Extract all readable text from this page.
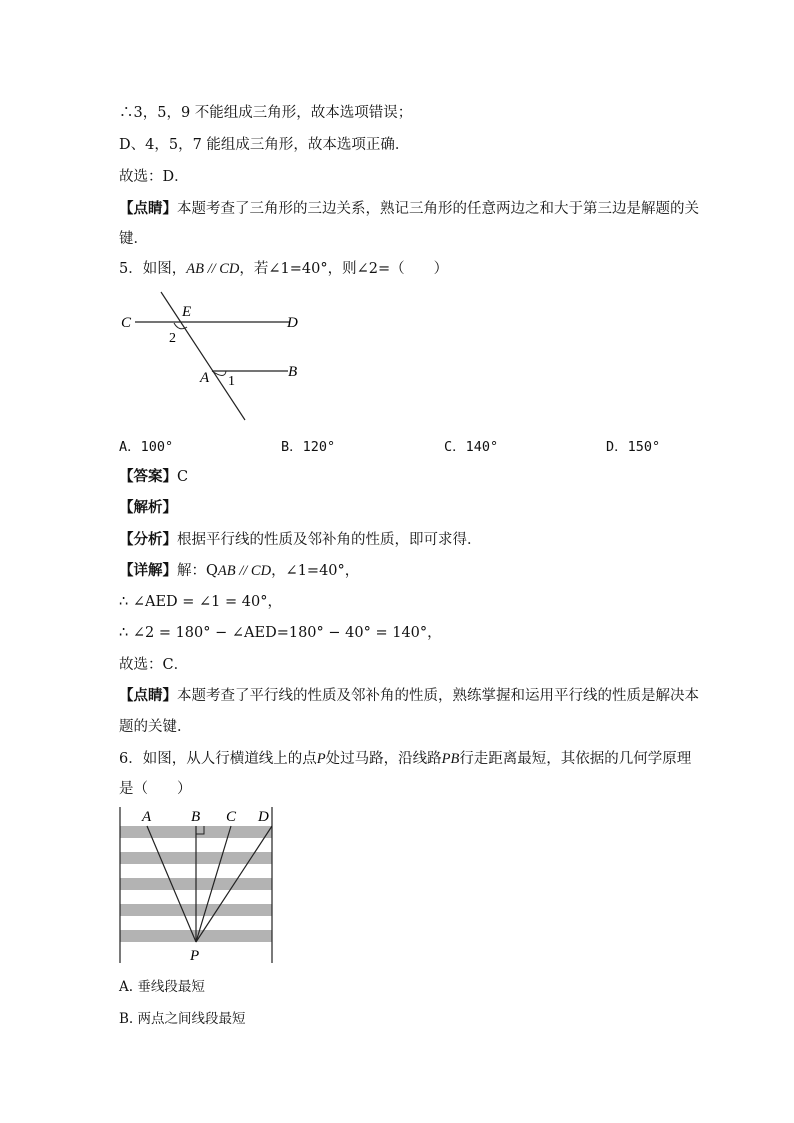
∴3，5，9 不能组成三角形，故本选项错误；
D、4，5，7 能组成三角形，故本选项正确．
故选：D．
【点睛】本题考查了三角形的三边关系，熟记三角形的任意两边之和大于第三边是解题的关
键．
5．如图，AB // CD，若∠1=40°，则∠2=（　　）
C
E
D
2
A 1
B
A．100°	B．120°	C．140°	D．150°
【答案】C
【解析】
【分析】根据平行线的性质及邻补角的性质，即可求得．
【详解】解：QAB // CD，∠1=40°，
∴ ∠AED = ∠1 = 40°，
∴ ∠2 = 180° − ∠AED=180° − 40° = 140°，
故选：C．
【点睛】本题考查了平行线的性质及邻补角的性质，熟练掌握和运用平行线的性质是解决本
题的关键．
6．如图，从人行横道线上的点P处过马路，沿线路PB行走距离最短，其依据的几何学原理
是（　　）
A	B C D
P
A. 垂线段最短
B. 两点之间线段最短
